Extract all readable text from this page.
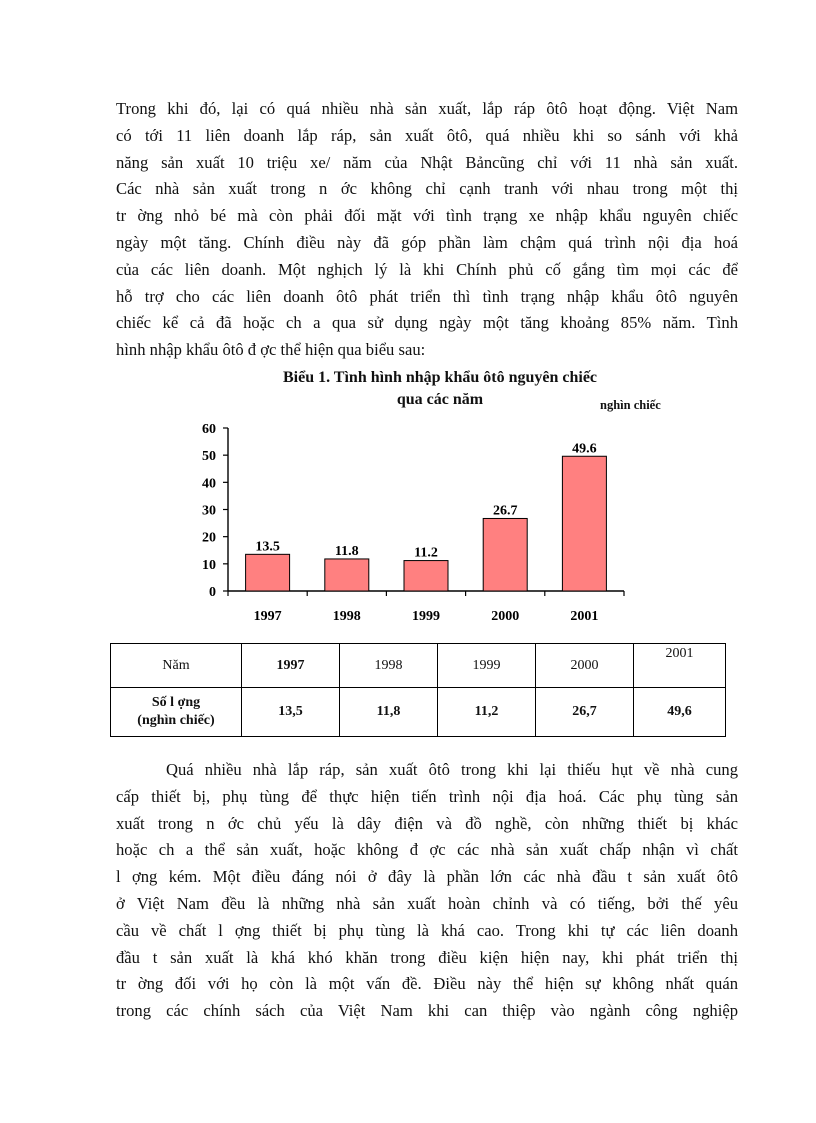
Trong khi đó, lại có quá nhiều nhà sản xuất, lắp ráp ôtô hoạt động. Việt Nam
có tới 11 liên doanh lắp ráp, sản xuất ôtô, quá nhiều khi so sánh với khả
năng sản xuất 10 triệu xe/ năm của Nhật Bảncũng chỉ với 11 nhà sản xuất.
Các nhà sản xuất trong n ớc không chỉ cạnh tranh với nhau trong một thị
tr ờng nhỏ bé mà còn phải đối mặt với tình trạng xe nhập khẩu nguyên chiếc
ngày một tăng. Chính điều này đã góp phần làm chậm quá trình nội địa hoá
của các liên doanh. Một nghịch lý là khi Chính phủ cố gắng tìm mọi các để
hỗ trợ cho các liên doanh ôtô phát triển thì tình trạng nhập khẩu ôtô nguyên
chiếc kể cả đã hoặc ch a qua sử dụng ngày một tăng khoảng 85% năm. Tình
hình nhập khẩu ôtô đ ợc thể hiện qua biểu sau:
Biểu 1. Tình hình nhập khẩu ôtô nguyên chiếc
qua các năm	nghìn chiếc
0
10
20
30
40
50
60
13.5
1997
11.8
1998
11.2
1999
26.7
2000
49.6
2001
Năm	1997	1998	1999	2000	2001

Số l ợng
(nghìn chiếc)	13,5	11,8	11,2	26,7	49,6
Quá nhiều nhà lắp ráp, sản xuất ôtô trong khi lại thiếu hụt về nhà cung
cấp thiết bị, phụ tùng để thực hiện tiến trình nội địa hoá. Các phụ tùng sản
xuất trong n ớc chủ yếu là dây điện và đồ nghề, còn những thiết bị khác
hoặc ch a thể sản xuất, hoặc không đ ợc các nhà sản xuất chấp nhận vì chất
l ợng kém. Một điều đáng nói ở đây là phần lớn các nhà đầu t sản xuất ôtô
ở Việt Nam đều là những nhà sản xuất hoàn chỉnh và có tiếng, bởi thế yêu
cầu về chất l ợng thiết bị phụ tùng là khá cao. Trong khi tự các liên doanh
đầu t sản xuất là khá khó khăn trong điều kiện hiện nay, khi phát triển thị
tr ờng đối với họ còn là một vấn đề. Điều này thể hiện sự không nhất quán
trong các chính sách của Việt Nam khi can thiệp vào ngành công nghiệp
